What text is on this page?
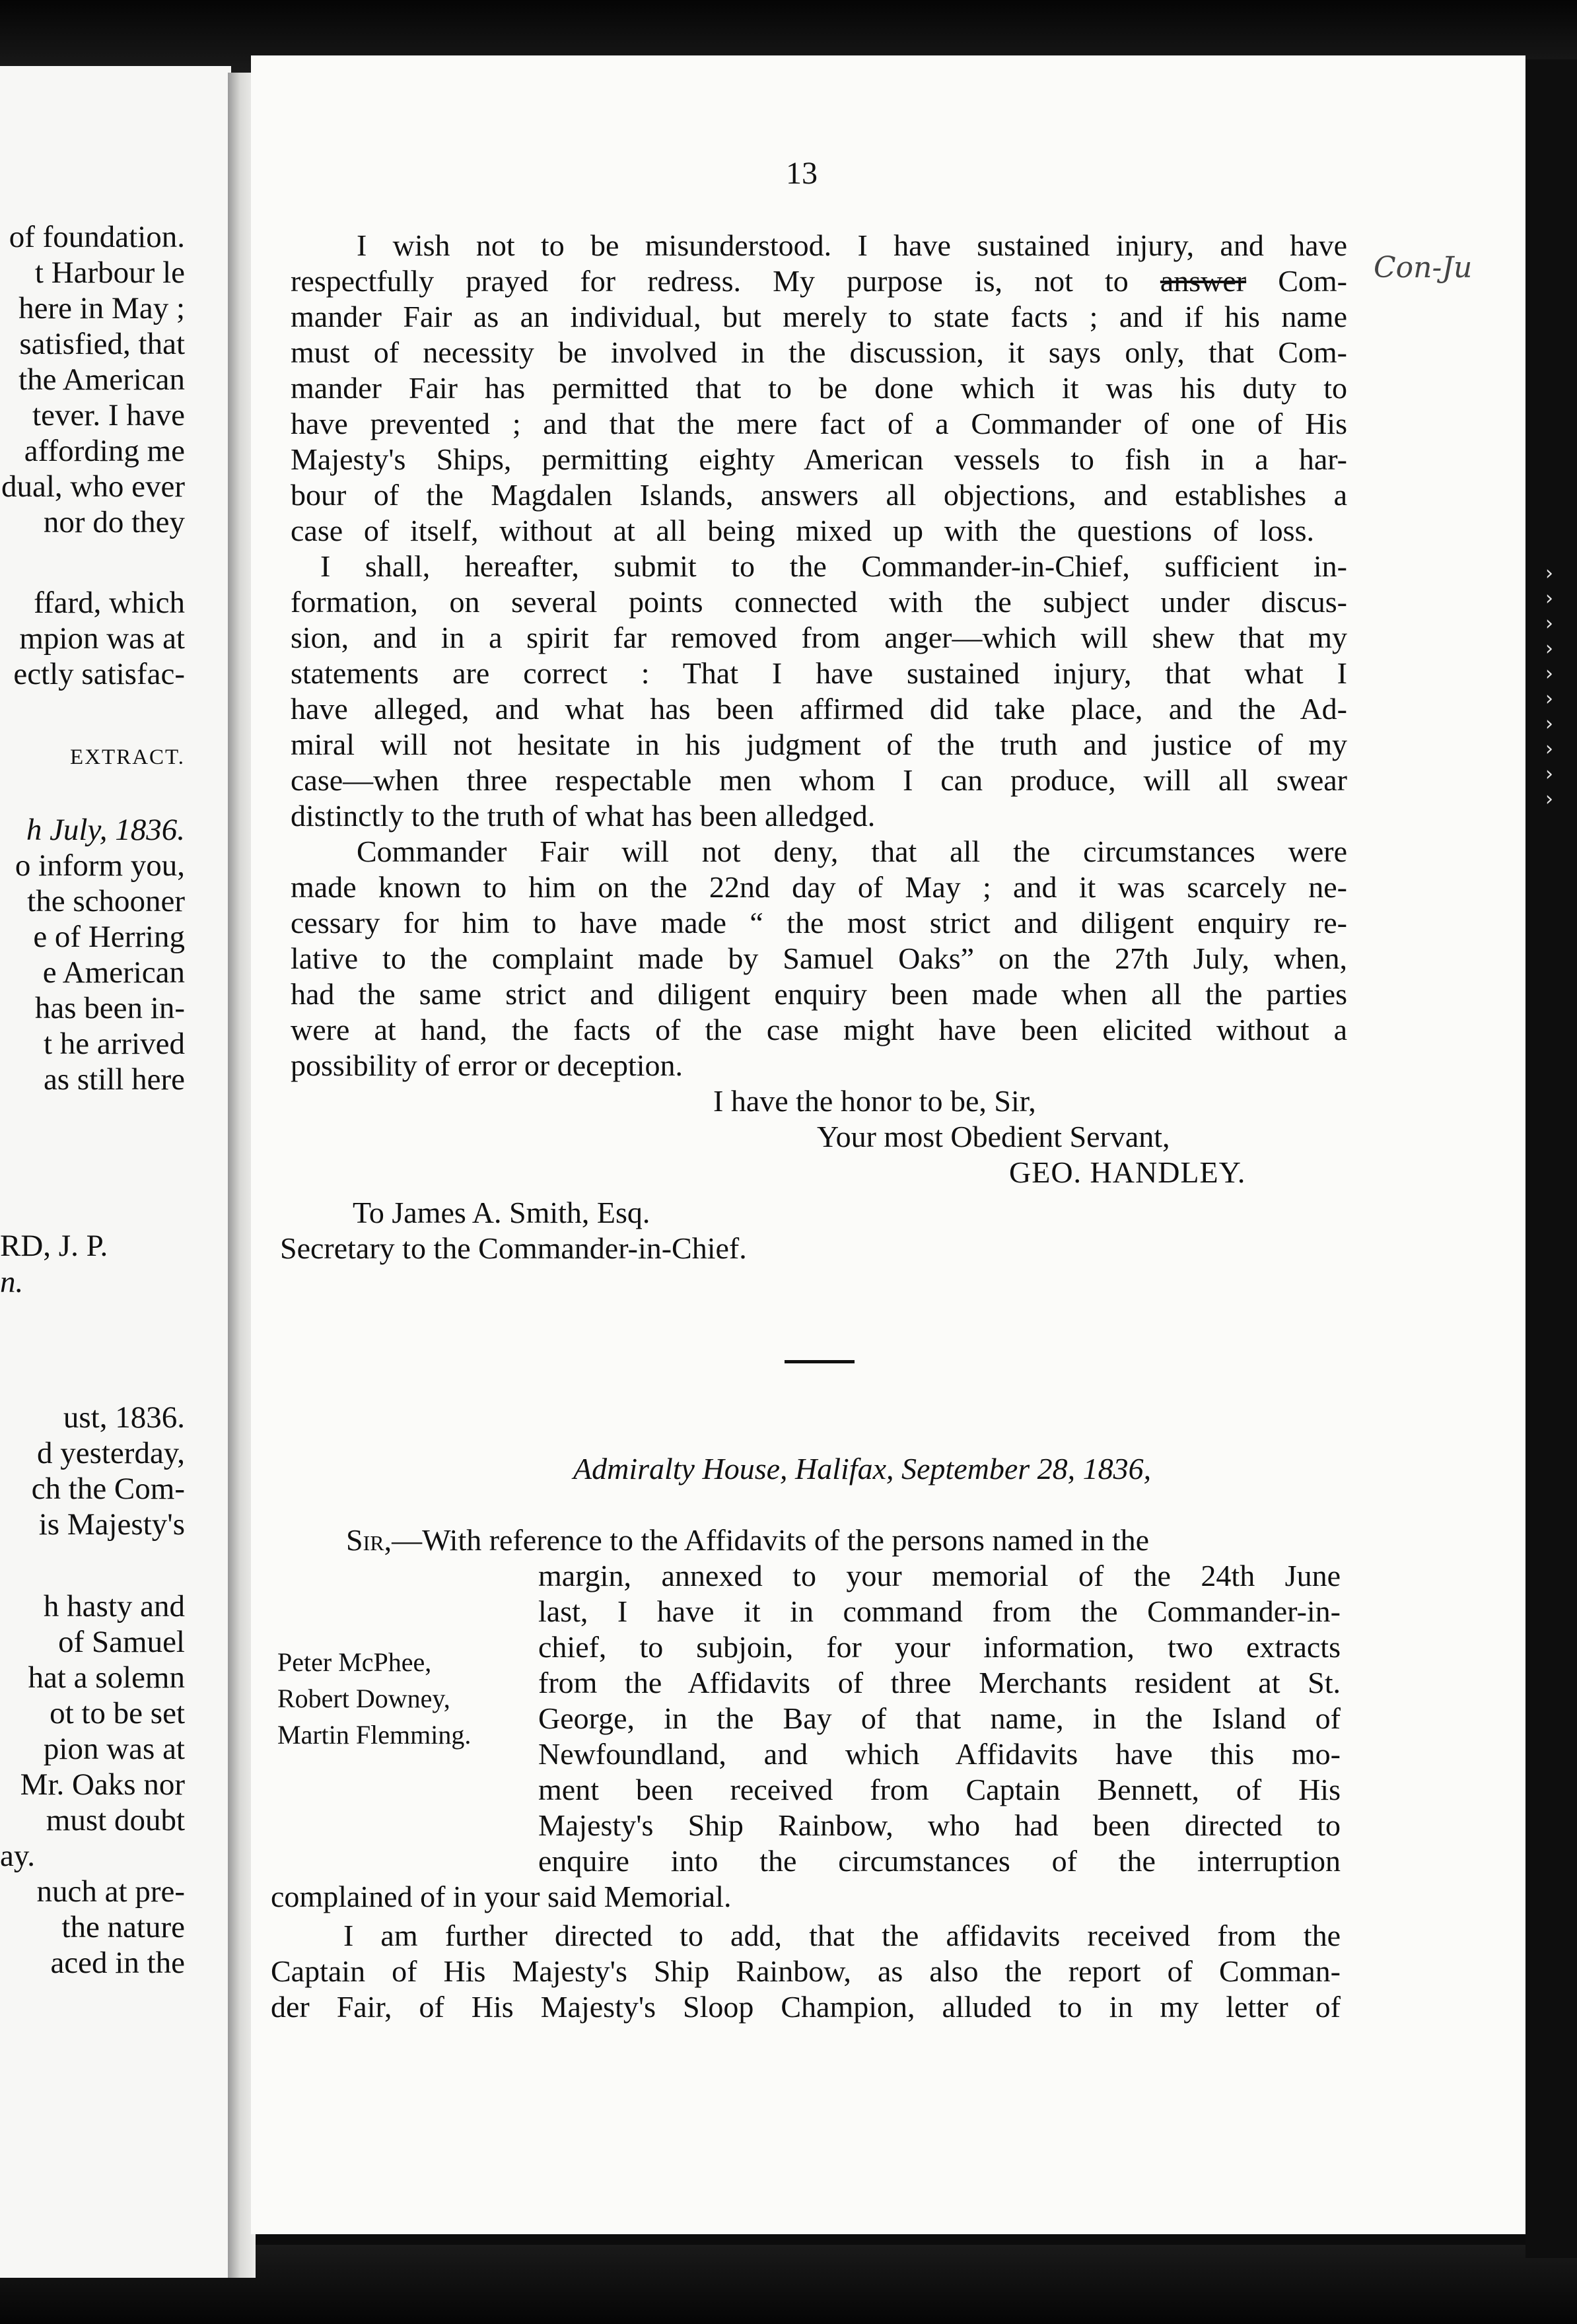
of foundation.

t Harbour le

here in May ;

satisfied, that

the American

tever. I have

affording me

dual, who ever

nor do they

ffard, which

mpion was at

ectly satisfac-

EXTRACT.

h July, 1836.

o inform you,

the schooner

e of Herring

e American

has been in-

t he arrived

as still here

RD, J. P.

n.

ust, 1836.

d yesterday,

ch the Com-

is Majesty's

h hasty and

of Samuel

hat a solemn

ot to be set

pion was at

Mr. Oaks nor

must doubt

ay.

nuch at pre-

the nature

aced in the

13
Con-Ju

I wish not to be misunderstood. I have sustained injury, and have

respectfully prayed for redress. My purpose is, not to answer Com-

mander Fair as an individual, but merely to state facts ; and if his name

must of necessity be involved in the discussion, it says only, that Com-

mander Fair has permitted that to be done which it was his duty to

have prevented ; and that the mere fact of a Commander of one of His

Majesty's Ships, permitting eighty American vessels to fish in a har-

bour of the Magdalen Islands, answers all objections, and establishes a

case of itself, without at all being mixed up with the questions of loss.

I shall, hereafter, submit to the Commander-in-Chief, sufficient in-

formation, on several points connected with the subject under discus-

sion, and in a spirit far removed from anger—which will shew that my

statements are correct : That I have sustained injury, that what I

have alleged, and what has been affirmed did take place, and the Ad-

miral will not hesitate in his judgment of the truth and justice of my

case—when three respectable men whom I can produce, will all swear

distinctly to the truth of what has been alledged.

Commander Fair will not deny, that all the circumstances were

made known to him on the 22nd day of May ; and it was scarcely ne-

cessary for him to have made “ the most strict and diligent enquiry re-

lative to the complaint made by Samuel Oaks” on the 27th July, when,

had the same strict and diligent enquiry been made when all the parties

were at hand, the facts of the case might have been elicited without a

possibility of error or deception.

I have the honor to be, Sir,

Your most Obedient Servant,

GEO. HANDLEY.

To James A. Smith, Esq.

Secretary to the Commander-in-Chief.

Admiralty House, Halifax, September 28, 1836,

Sir,—With reference to the Affidavits of the persons named in the

margin, annexed to your memorial of the 24th June

last, I have it in command from the Commander-in-

chief, to subjoin, for your information, two extracts

from the Affidavits of three Merchants resident at St.

George, in the Bay of that name, in the Island of

Newfoundland, and which Affidavits have this mo-

ment been received from Captain Bennett, of His

Majesty's Ship Rainbow, who had been directed to

enquire into the circumstances of the interruption

complained of in your said Memorial.

Peter McPhee,

Robert Downey,

Martin Flemming.

I am further directed to add, that the affidavits received from the

Captain of His Majesty's Ship Rainbow, as also the report of Comman-

der Fair, of His Majesty's Sloop Champion, alluded to in my letter of

›
›
›
›
›
›
›
›
›
›
